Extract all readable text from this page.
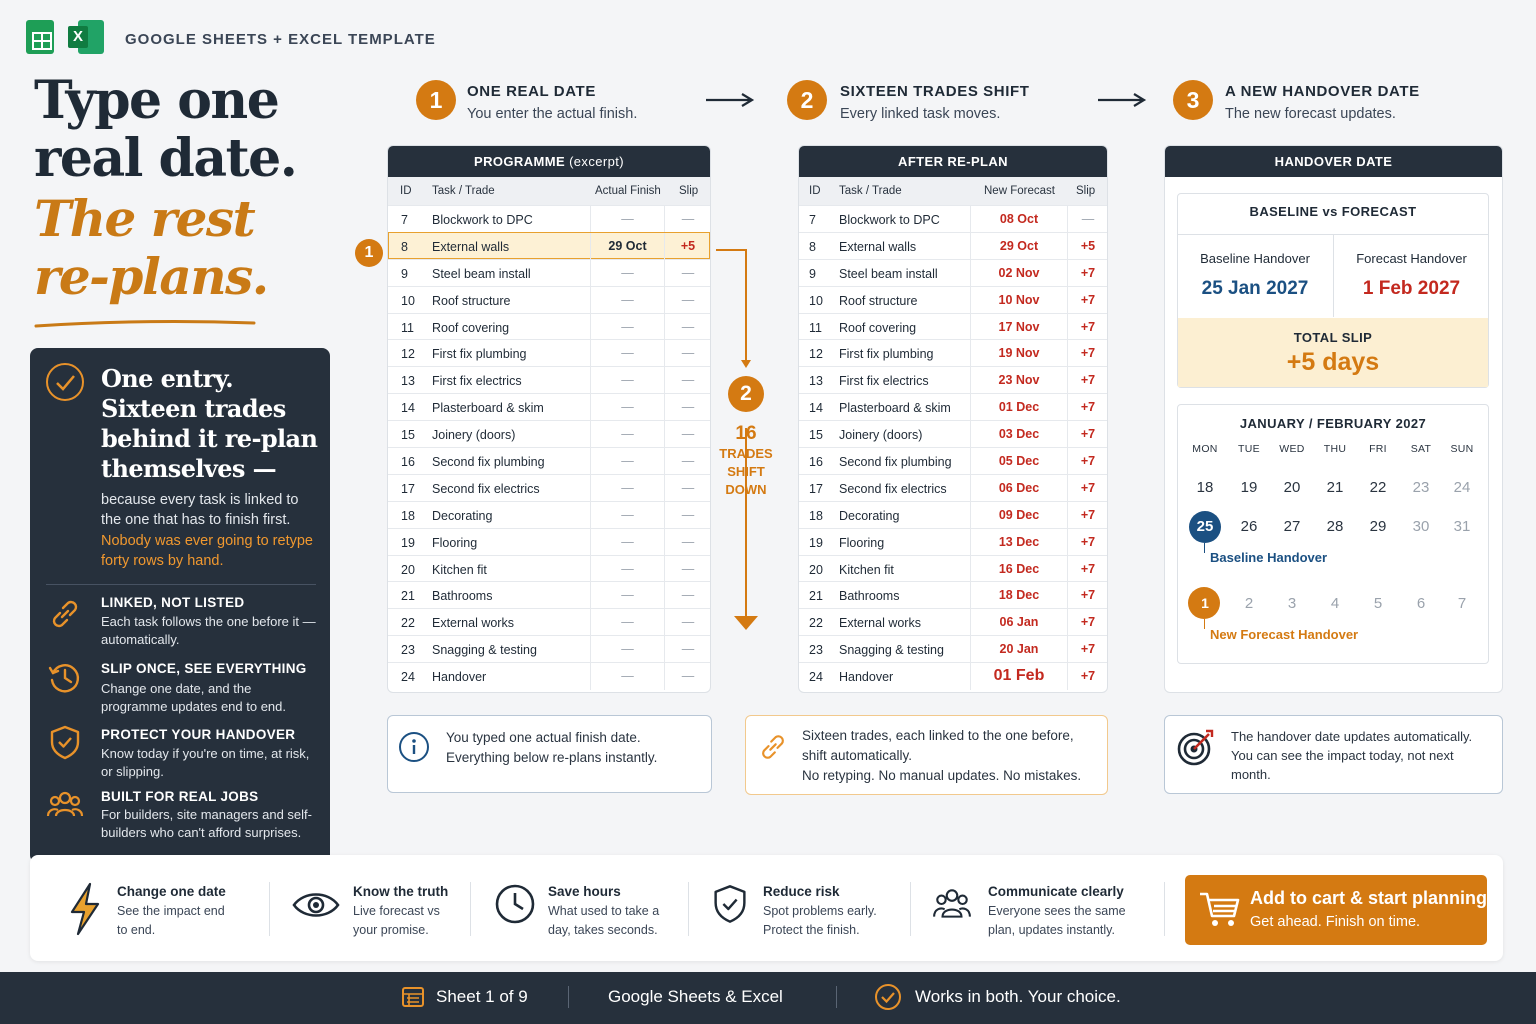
X	GOOGLE SHEETS + EXCEL TEMPLATE
Type one
real date.
The rest
re-plans.
One entry. Sixteen trades behind it re-plan themselves —
because every task is linked to the one that has to finish first.
Nobody was ever going to retype forty rows by hand.
LINKED, NOT LISTED
Each task follows the one before it — automatically.
SLIP ONCE, SEE EVERYTHING
Change one date, and the programme updates end to end.
PROTECT YOUR HANDOVER
Know today if you're on time, at risk, or slipping.
BUILT FOR REAL JOBS
For builders, site managers and self-builders who can't afford surprises.
1	ONE REAL DATE
You enter the actual finish.
2	SIXTEEN TRADES SHIFT
Every linked task moves.
3	A NEW HANDOVER DATE
The new forecast updates.
PROGRAMME (excerpt)
ID Task / Trade	Actual Finish Slip
7 Blockwork to DPC	—	—
8 External walls	29 Oct	+5
9 Steel beam install	—	—
10 Roof structure	—	—
11 Roof covering	—	—
12 First fix plumbing	—	—
13 First fix electrics	—	—
14 Plasterboard & skim	—	—
15 Joinery (doors)	—	—
16 Second fix plumbing	—	—
17 Second fix electrics	—	—
18 Decorating	—	—
19 Flooring	—	—
20 Kitchen fit	—	—
21 Bathrooms	—	—
22 External works	—	—
23 Snagging & testing	—	—
24 Handover	—	—
1
2
16
TRADES
SHIFT
DOWN
AFTER RE-PLAN
ID Task / Trade	New Forecast Slip
7 Blockwork to DPC	08 Oct	—
8 External walls	29 Oct	+5
9 Steel beam install	02 Nov	+7
10 Roof structure	10 Nov	+7
11 Roof covering	17 Nov	+7
12 First fix plumbing	19 Nov	+7
13 First fix electrics	23 Nov	+7
14 Plasterboard & skim	01 Dec	+7
15 Joinery (doors)	03 Dec	+7
16 Second fix plumbing	05 Dec	+7
17 Second fix electrics	06 Dec	+7
18 Decorating	09 Dec	+7
19 Flooring	13 Dec	+7
20 Kitchen fit	16 Dec	+7
21 Bathrooms	18 Dec	+7
22 External works	06 Jan	+7
23 Snagging & testing	20 Jan	+7
24 Handover	01 Feb	+7
HANDOVER DATE
BASELINE vs FORECAST
Baseline Handover
25 Jan 2027
Forecast Handover
1 Feb 2027
TOTAL SLIP
+5 days
JANUARY / FEBRUARY 2027
MON	TUE	WED	THU	FRI	SAT	SUN
18	19	20	21	22	23	24
25	26	27	28	29	30	31
1	2	3	4	5	6	7
Baseline Handover
New Forecast Handover
You typed one actual finish date. Everything below re-plans instantly.
Sixteen trades, each linked to the one before, shift automatically.
No retyping. No manual updates. No mistakes.
The handover date updates automatically. You can see the impact today, not next month.
Change one date
See the impact end to end.
Know the truth
Live forecast vs your promise.
Save hours
What used to take a day, takes seconds.
Reduce risk
Spot problems early. Protect the finish.
Communicate clearly
Everyone sees the same plan, updates instantly.
Add to cart & start planning
Get ahead. Finish on time.
Sheet 1 of 9	Google Sheets & Excel	Works in both. Your choice.
